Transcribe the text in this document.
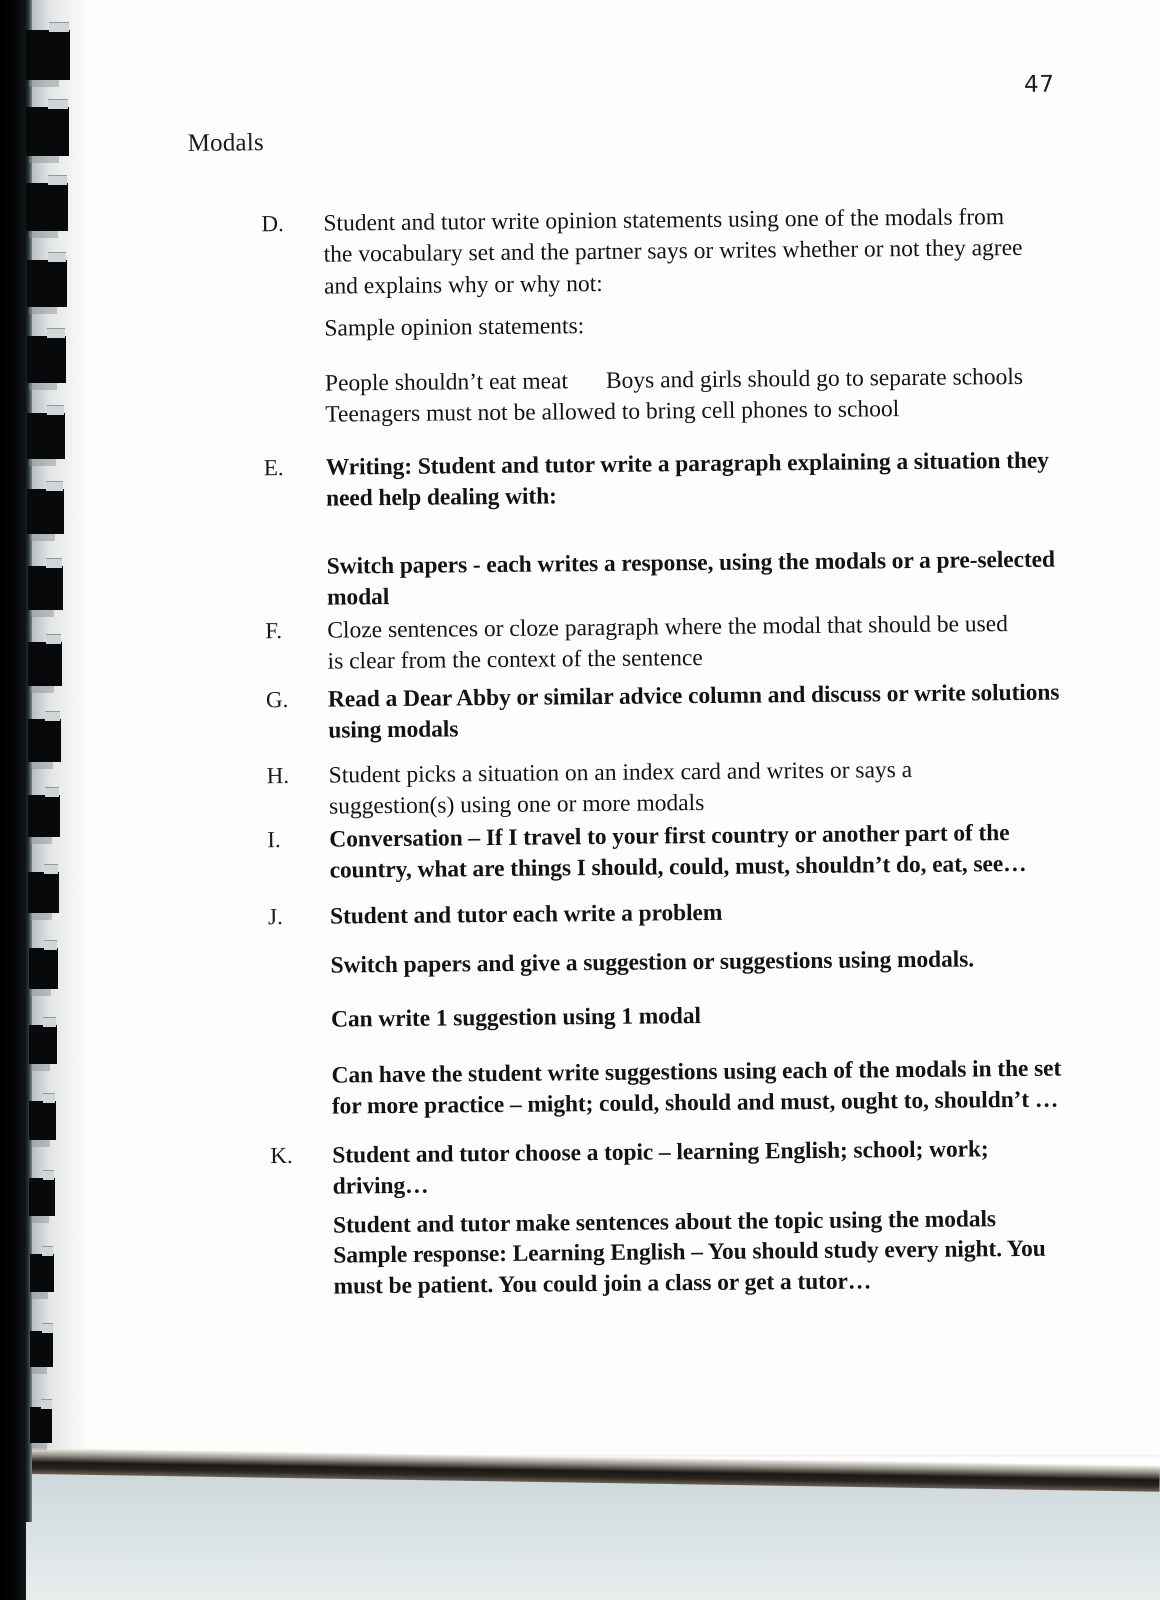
47
Modals
D.	Student and tutor write opinion statements using one of the modals from the vocabulary set and the partner says or writes whether or not they agree and explains why or why not:
Sample opinion statements:
People shouldn’t eat meat Boys and girls should go to separate schools
Teenagers must not be allowed to bring cell phones to school
E.	Writing: Student and tutor write a paragraph explaining a situation they need help dealing with:
Switch papers - each writes a response, using the modals or a pre-selected modal
F.	Cloze sentences or cloze paragraph where the modal that should be used is clear from the context of the sentence
G.	Read a Dear Abby or similar advice column and discuss or write solutions using modals
H.	Student picks a situation on an index card and writes or says a suggestion(s) using one or more modals
I.	Conversation – If I travel to your first country or another part of the country, what are things I should, could, must, shouldn’t do, eat, see…
J.	Student and tutor each write a problem
Switch papers and give a suggestion or suggestions using modals.
Can write 1 suggestion using 1 modal
Can have the student write suggestions using each of the modals in the set for more practice – might; could, should and must, ought to, shouldn’t …
K.	Student and tutor choose a topic – learning English; school; work; driving…
Student and tutor make sentences about the topic using the modals
Sample response: Learning English – You should study every night. You must be patient. You could join a class or get a tutor…
